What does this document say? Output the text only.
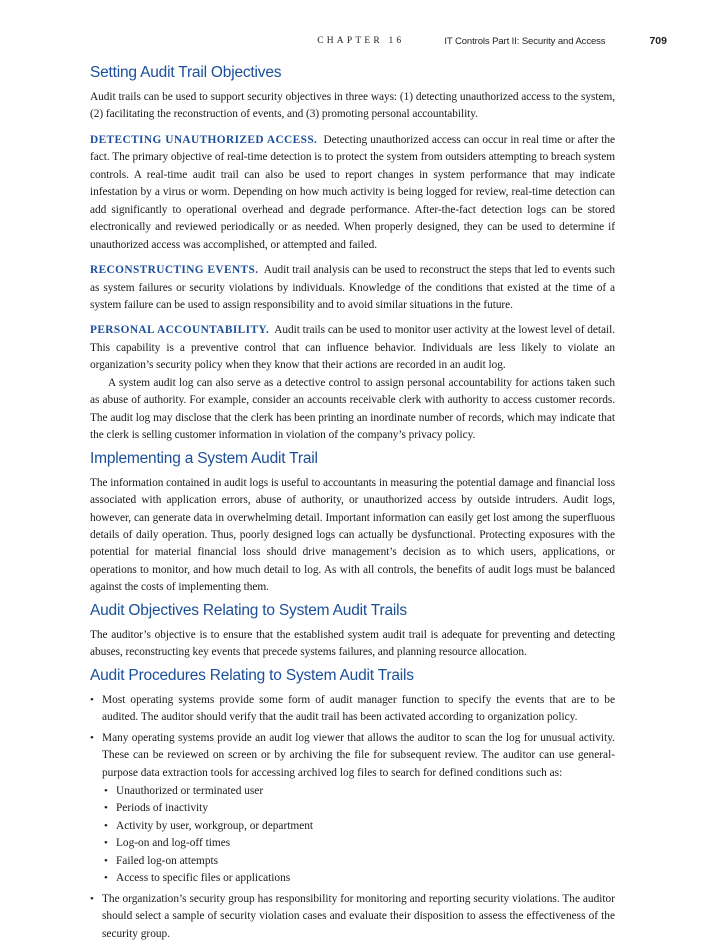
CHAPTER 16	IT Controls Part II: Security and Access	709
Setting Audit Trail Objectives

Audit trails can be used to support security objectives in three ways: (1) detecting unauthorized access to the system, (2) facilitating the reconstruction of events, and (3) promoting personal accountability.

DETECTING UNAUTHORIZED ACCESS. Detecting unauthorized access can occur in real time or after the fact. The primary objective of real-time detection is to protect the system from outsiders attempting to breach system controls. A real-time audit trail can also be used to report changes in system performance that may indicate infestation by a virus or worm. Depending on how much activity is being logged for review, real-time detection can add significantly to operational overhead and degrade performance. After-the-fact detection logs can be stored electronically and reviewed periodically or as needed. When properly designed, they can be used to determine if unauthorized access was accomplished, or attempted and failed.

RECONSTRUCTING EVENTS. Audit trail analysis can be used to reconstruct the steps that led to events such as system failures or security violations by individuals. Knowledge of the conditions that existed at the time of a system failure can be used to assign responsibility and to avoid similar situations in the future.

PERSONAL ACCOUNTABILITY. Audit trails can be used to monitor user activity at the lowest level of detail. This capability is a preventive control that can influence behavior. Individuals are less likely to violate an organization’s security policy when they know that their actions are recorded in an audit log.

A system audit log can also serve as a detective control to assign personal accountability for actions taken such as abuse of authority. For example, consider an accounts receivable clerk with authority to access customer records. The audit log may disclose that the clerk has been printing an inordinate number of records, which may indicate that the clerk is selling customer information in violation of the company’s privacy policy.

Implementing a System Audit Trail

The information contained in audit logs is useful to accountants in measuring the potential damage and financial loss associated with application errors, abuse of authority, or unauthorized access by outside intruders. Audit logs, however, can generate data in overwhelming detail. Important information can easily get lost among the superfluous details of daily operation. Thus, poorly designed logs can actually be dysfunctional. Protecting exposures with the potential for material financial loss should drive management’s decision as to which users, applications, or operations to monitor, and how much detail to log. As with all controls, the benefits of audit logs must be balanced against the costs of implementing them.

Audit Objectives Relating to System Audit Trails

The auditor’s objective is to ensure that the established system audit trail is adequate for preventing and detecting abuses, reconstructing key events that precede systems failures, and planning resource allocation.

Audit Procedures Relating to System Audit Trails
• Most operating systems provide some form of audit manager function to specify the events that are to be audited. The auditor should verify that the audit trail has been activated according to organization policy.
• Many operating systems provide an audit log viewer that allows the auditor to scan the log for unusual activity. These can be reviewed on screen or by archiving the file for subsequent review. The auditor can use general-purpose data extraction tools for accessing archived log files to search for defined conditions such as:
• Unauthorized or terminated user
• Periods of inactivity
• Activity by user, workgroup, or department
• Log-on and log-off times
• Failed log-on attempts
• Access to specific files or applications
• The organization’s security group has responsibility for monitoring and reporting security violations. The auditor should select a sample of security violation cases and evaluate their disposition to assess the effectiveness of the security group.
